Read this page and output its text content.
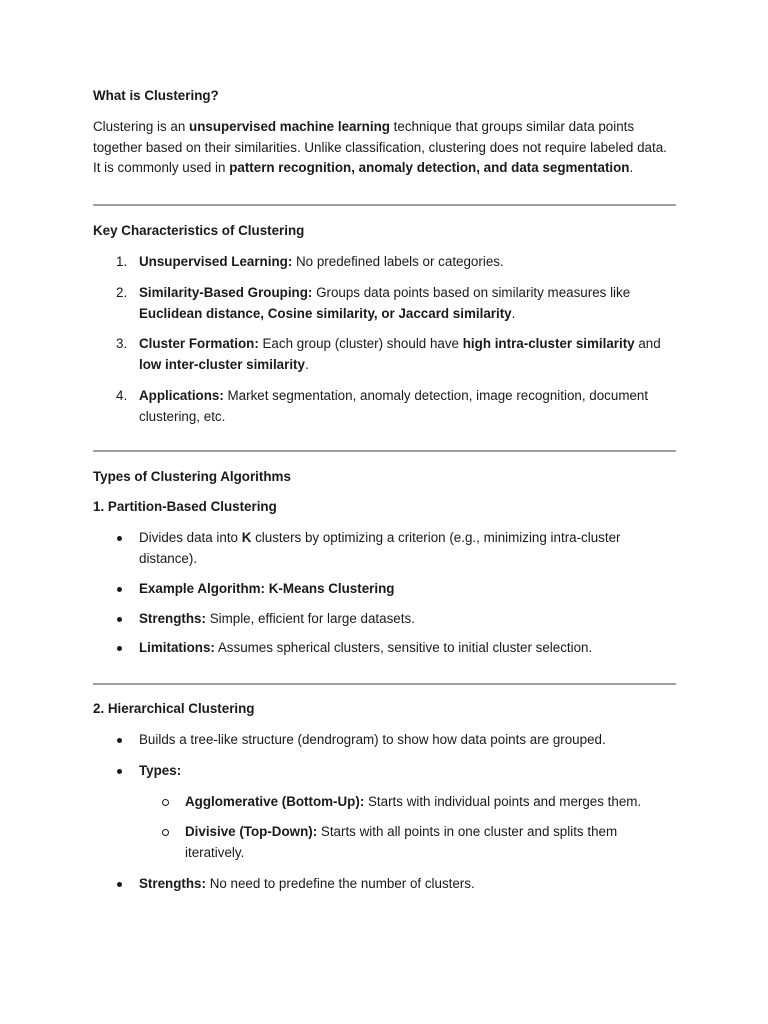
What is Clustering?

Clustering is an unsupervised machine learning technique that groups similar data points together based on their similarities. Unlike classification, clustering does not require labeled data. It is commonly used in pattern recognition, anomaly detection, and data segmentation.

Key Characteristics of Clustering

1. Unsupervised Learning: No predefined labels or categories.
2. Similarity-Based Grouping: Groups data points based on similarity measures like Euclidean distance, Cosine similarity, or Jaccard similarity.
3. Cluster Formation: Each group (cluster) should have high intra-cluster similarity and low inter-cluster similarity.
4. Applications: Market segmentation, anomaly detection, image recognition, document clustering, etc.

Types of Clustering Algorithms

1. Partition-Based Clustering

Divides data into K clusters by optimizing a criterion (e.g., minimizing intra-cluster distance).
Example Algorithm: K-Means Clustering
Strengths: Simple, efficient for large datasets.
Limitations: Assumes spherical clusters, sensitive to initial cluster selection.

2. Hierarchical Clustering

Builds a tree-like structure (dendrogram) to show how data points are grouped.
Types:
Agglomerative (Bottom-Up): Starts with individual points and merges them.
Divisive (Top-Down): Starts with all points in one cluster and splits them iteratively.
Strengths: No need to predefine the number of clusters.
